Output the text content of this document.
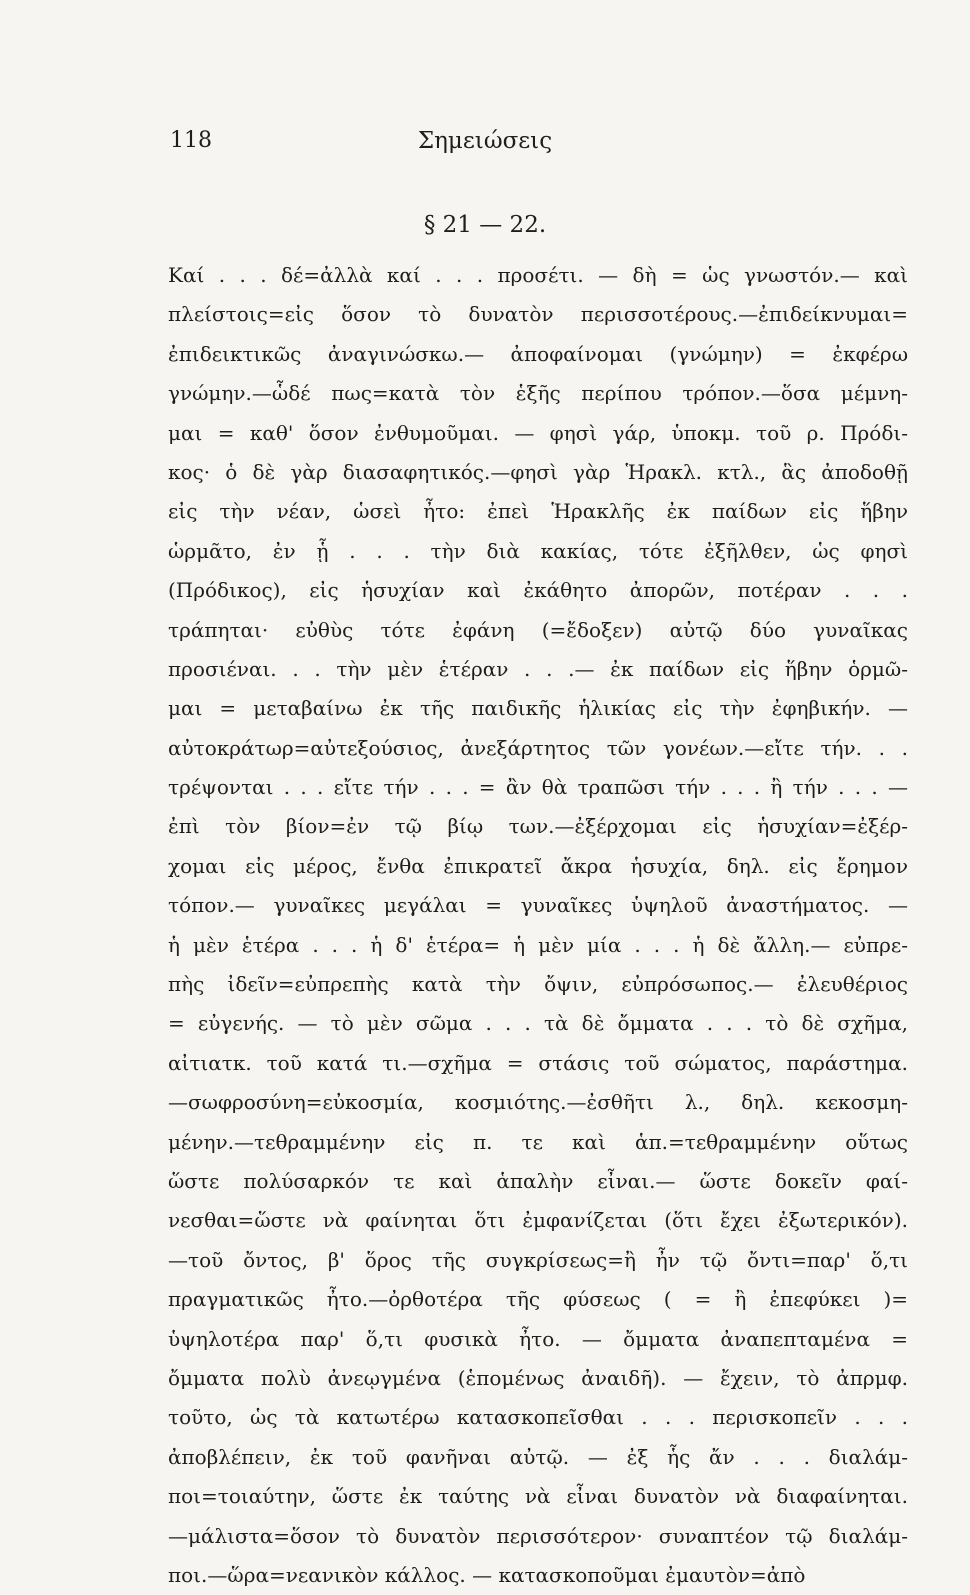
118	Σημειώσεις
§ 21 — 22.
Καί . . . δέ=ἀλλὰ καί . . . προσέτι. — δὴ = ὡς γνωστόν.— καὶ
πλείστοις=εἰς ὅσον τὸ δυνατὸν περισσοτέρους.—ἐπιδείκνυμαι=
ἐπιδεικτικῶς ἀναγινώσκω.— ἀποφαίνομαι (γνώμην) = ἐκφέρω
γνώμην.—ὧδέ πως=κατὰ τὸν ἑξῆς περίπου τρόπον.—ὅσα μέμνη-
μαι = καθ' ὅσον ἐνθυμοῦμαι. — φησὶ γάρ, ὑποκμ. τοῦ ρ. Πρόδι-
κος· ὁ δὲ γὰρ διασαφητικός.—φησὶ γὰρ Ἡρακλ. κτλ., ἃς ἀποδοθῇ
εἰς τὴν νέαν, ὡσεὶ ἦτο: ἐπεὶ Ἡρακλῆς ἐκ παίδων εἰς ἥβην
ὡρμᾶτο, ἐν ᾗ . . . τὴν διὰ κακίας, τότε ἐξῆλθεν, ὡς φησὶ
(Πρόδικος), εἰς ἡσυχίαν καὶ ἐκάθητο ἀπορῶν, ποτέραν . . .
τράπηται· εὐθὺς τότε ἐφάνη (=ἔδοξεν) αὐτῷ δύο γυναῖκας
προσιέναι. . . τὴν μὲν ἑτέραν . . .— ἐκ παίδων εἰς ἥβην ὁρμῶ-
μαι = μεταβαίνω ἐκ τῆς παιδικῆς ἡλικίας εἰς τὴν ἐφηβικήν. —
αὐτοκράτωρ=αὐτεξούσιος, ἀνεξάρτητος τῶν γονέων.—εἴτε τήν. . .
τρέψονται . . . εἴτε τήν . . . = ἂν θὰ τραπῶσι τήν . . . ἢ τήν . . . —
ἐπὶ τὸν βίον=ἐν τῷ βίῳ των.—ἐξέρχομαι εἰς ἡσυχίαν=ἐξέρ-
χομαι εἰς μέρος, ἔνθα ἐπικρατεῖ ἄκρα ἡσυχία, δηλ. εἰς ἔρημον
τόπον.— γυναῖκες μεγάλαι = γυναῖκες ὑψηλοῦ ἀναστήματος. —
ἡ μὲν ἑτέρα . . . ἡ δ' ἑτέρα= ἡ μὲν μία . . . ἡ δὲ ἄλλη.— εὐπρε-
πὴς ἰδεῖν=εὐπρεπὴς κατὰ τὴν ὄψιν, εὐπρόσωπος.— ἐλευθέριος
= εὐγενής. — τὸ μὲν σῶμα . . . τὰ δὲ ὄμματα . . . τὸ δὲ σχῆμα,
αἰτιατκ. τοῦ κατά τι.—σχῆμα = στάσις τοῦ σώματος, παράστημα.
—σωφροσύνη=εὐκοσμία, κοσμιότης.—ἐσθῆτι λ., δηλ. κεκοσμη-
μένην.—τεθραμμένην εἰς π. τε καὶ ἁπ.=τεθραμμένην οὕτως
ὥστε πολύσαρκόν τε καὶ ἁπαλὴν εἶναι.— ὥστε δοκεῖν φαί-
νεσθαι=ὥστε νὰ φαίνηται ὅτι ἐμφανίζεται (ὅτι ἔχει ἐξωτερικόν).
—τοῦ ὄντος, β' ὅρος τῆς συγκρίσεως=ἢ ἦν τῷ ὄντι=παρ' ὅ,τι
πραγματικῶς ἦτο.—ὀρθοτέρα τῆς φύσεως ( = ἢ ἐπεφύκει )=
ὑψηλοτέρα παρ' ὅ,τι φυσικὰ ἦτο. — ὄμματα ἀναπεπταμένα =
ὄμματα πολὺ ἀνεῳγμένα (ἑπομένως ἀναιδῆ). — ἔχειν, τὸ ἀπρμφ.
τοῦτο, ὡς τὰ κατωτέρω κατασκοπεῖσθαι . . . περισκοπεῖν . . .
ἀποβλέπειν, ἐκ τοῦ φανῆναι αὐτῷ. — ἐξ ἧς ἄν . . . διαλάμ-
ποι=τοιαύτην, ὥστε ἐκ ταύτης νὰ εἶναι δυνατὸν νὰ διαφαίνηται.
—μάλιστα=ὅσον τὸ δυνατὸν περισσότερον· συναπτέον τῷ διαλάμ-
ποι.—ὥρα=νεανικὸν κάλλος. — κατασκοποῦμαι ἐμαυτὸν=ἀπὸ
